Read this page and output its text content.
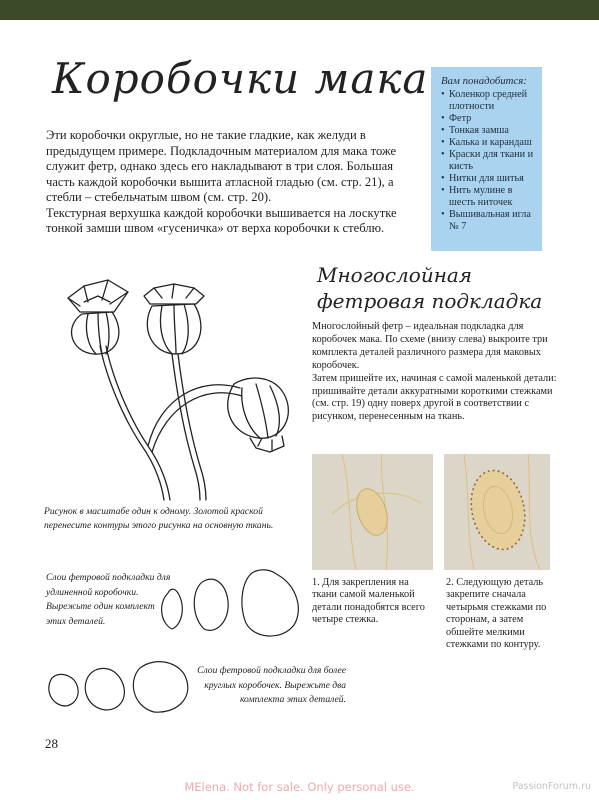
Коробочки мака

Эти коробочки округлые, но не такие гладкие, как желуди в предыдущем примере. Подкладочным материалом для мака тоже служит фетр, однако здесь его накладывают в три слоя. Большая часть каждой коробочки вышита атласной гладью (см. стр. 21), а стебли – стебельчатым швом (см. стр. 20).

Текстурная верхушка каждой коробочки вышивается на лоскутке тонкой замши швом «гусеничка» от верха коробочки к стеблю.

Вам понадобится:
• Коленкор средней плотности
• Фетр
• Тонкая замша
• Калька и карандаш
• Краски для ткани и кисть
• Нитки для шитья
• Нить мулине в шесть ниточек
• Вышивальная игла № 7
Рисунок в масштабе один к одному. Золотой краской перенесите контуры этого рисунка на основную ткань.
Слои фетровой подкладки для удлиненной коробочки. Вырежьте один комплект этих деталей.
Слои фетровой подкладки для более круглых коробочек. Вырежьте два комплекта этих деталей.
Многослойная
фетровая подкладка

Многослойный фетр – идеальная подкладка для коробочек мака. По схеме (внизу слева) выкроите три комплекта деталей различного размера для маковых коробочек.

Затем пришейте их, начиная с самой маленькой детали: пришивайте детали аккуратными короткими стежками (см. стр. 19) одну поверх другой в соответствии с рисунком, перенесенным на ткань.

1. Для закрепления на ткани самой маленькой детали понадобятся всего четыре стежка.
2. Следующую деталь закрепите сначала четырьмя стежками по сторонам, а затем обшейте мелкими стежками по контуру.
28
MElena. Not for sale. Only personal use.	PassionForum.ru
